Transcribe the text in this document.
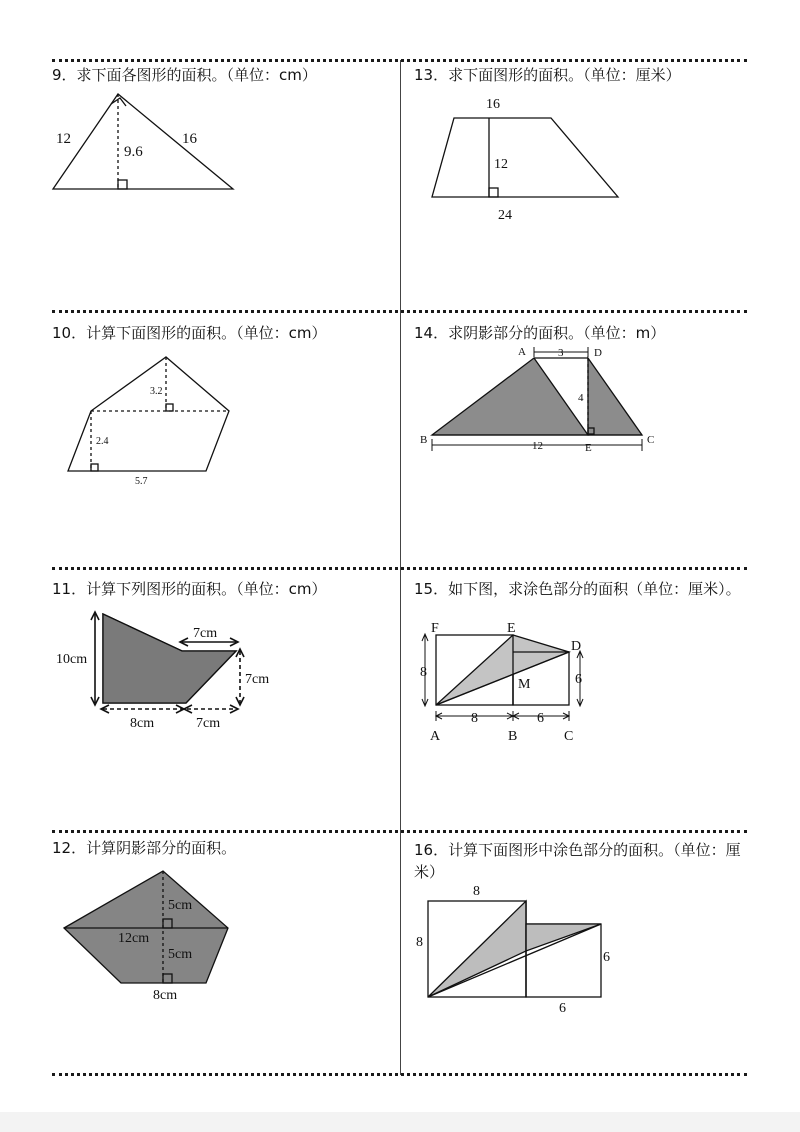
9．求下面各图形的面积。（单位：cm）	13．求下面图形的面积。（单位：厘米）
10．计算下面图形的面积。（单位：cm）	14．求阴影部分的面积。（单位：m）
11．计算下列图形的面积。（单位：cm）	15．如下图，求涂色部分的面积（单位：厘米）。
12．计算阴影部分的面积。	16．计算下面图形中涂色部分的面积。（单位：厘米）
12	16
9.6
16
12
24
3.2
2.4
5.7
A	D
B
E
C
3
4
12
7cm
10cm
7cm
8cm	7cm
F	E
D
M
A	B	C
8
8	6
6
5cm
12cm
5cm
8cm
8
8
6
6
